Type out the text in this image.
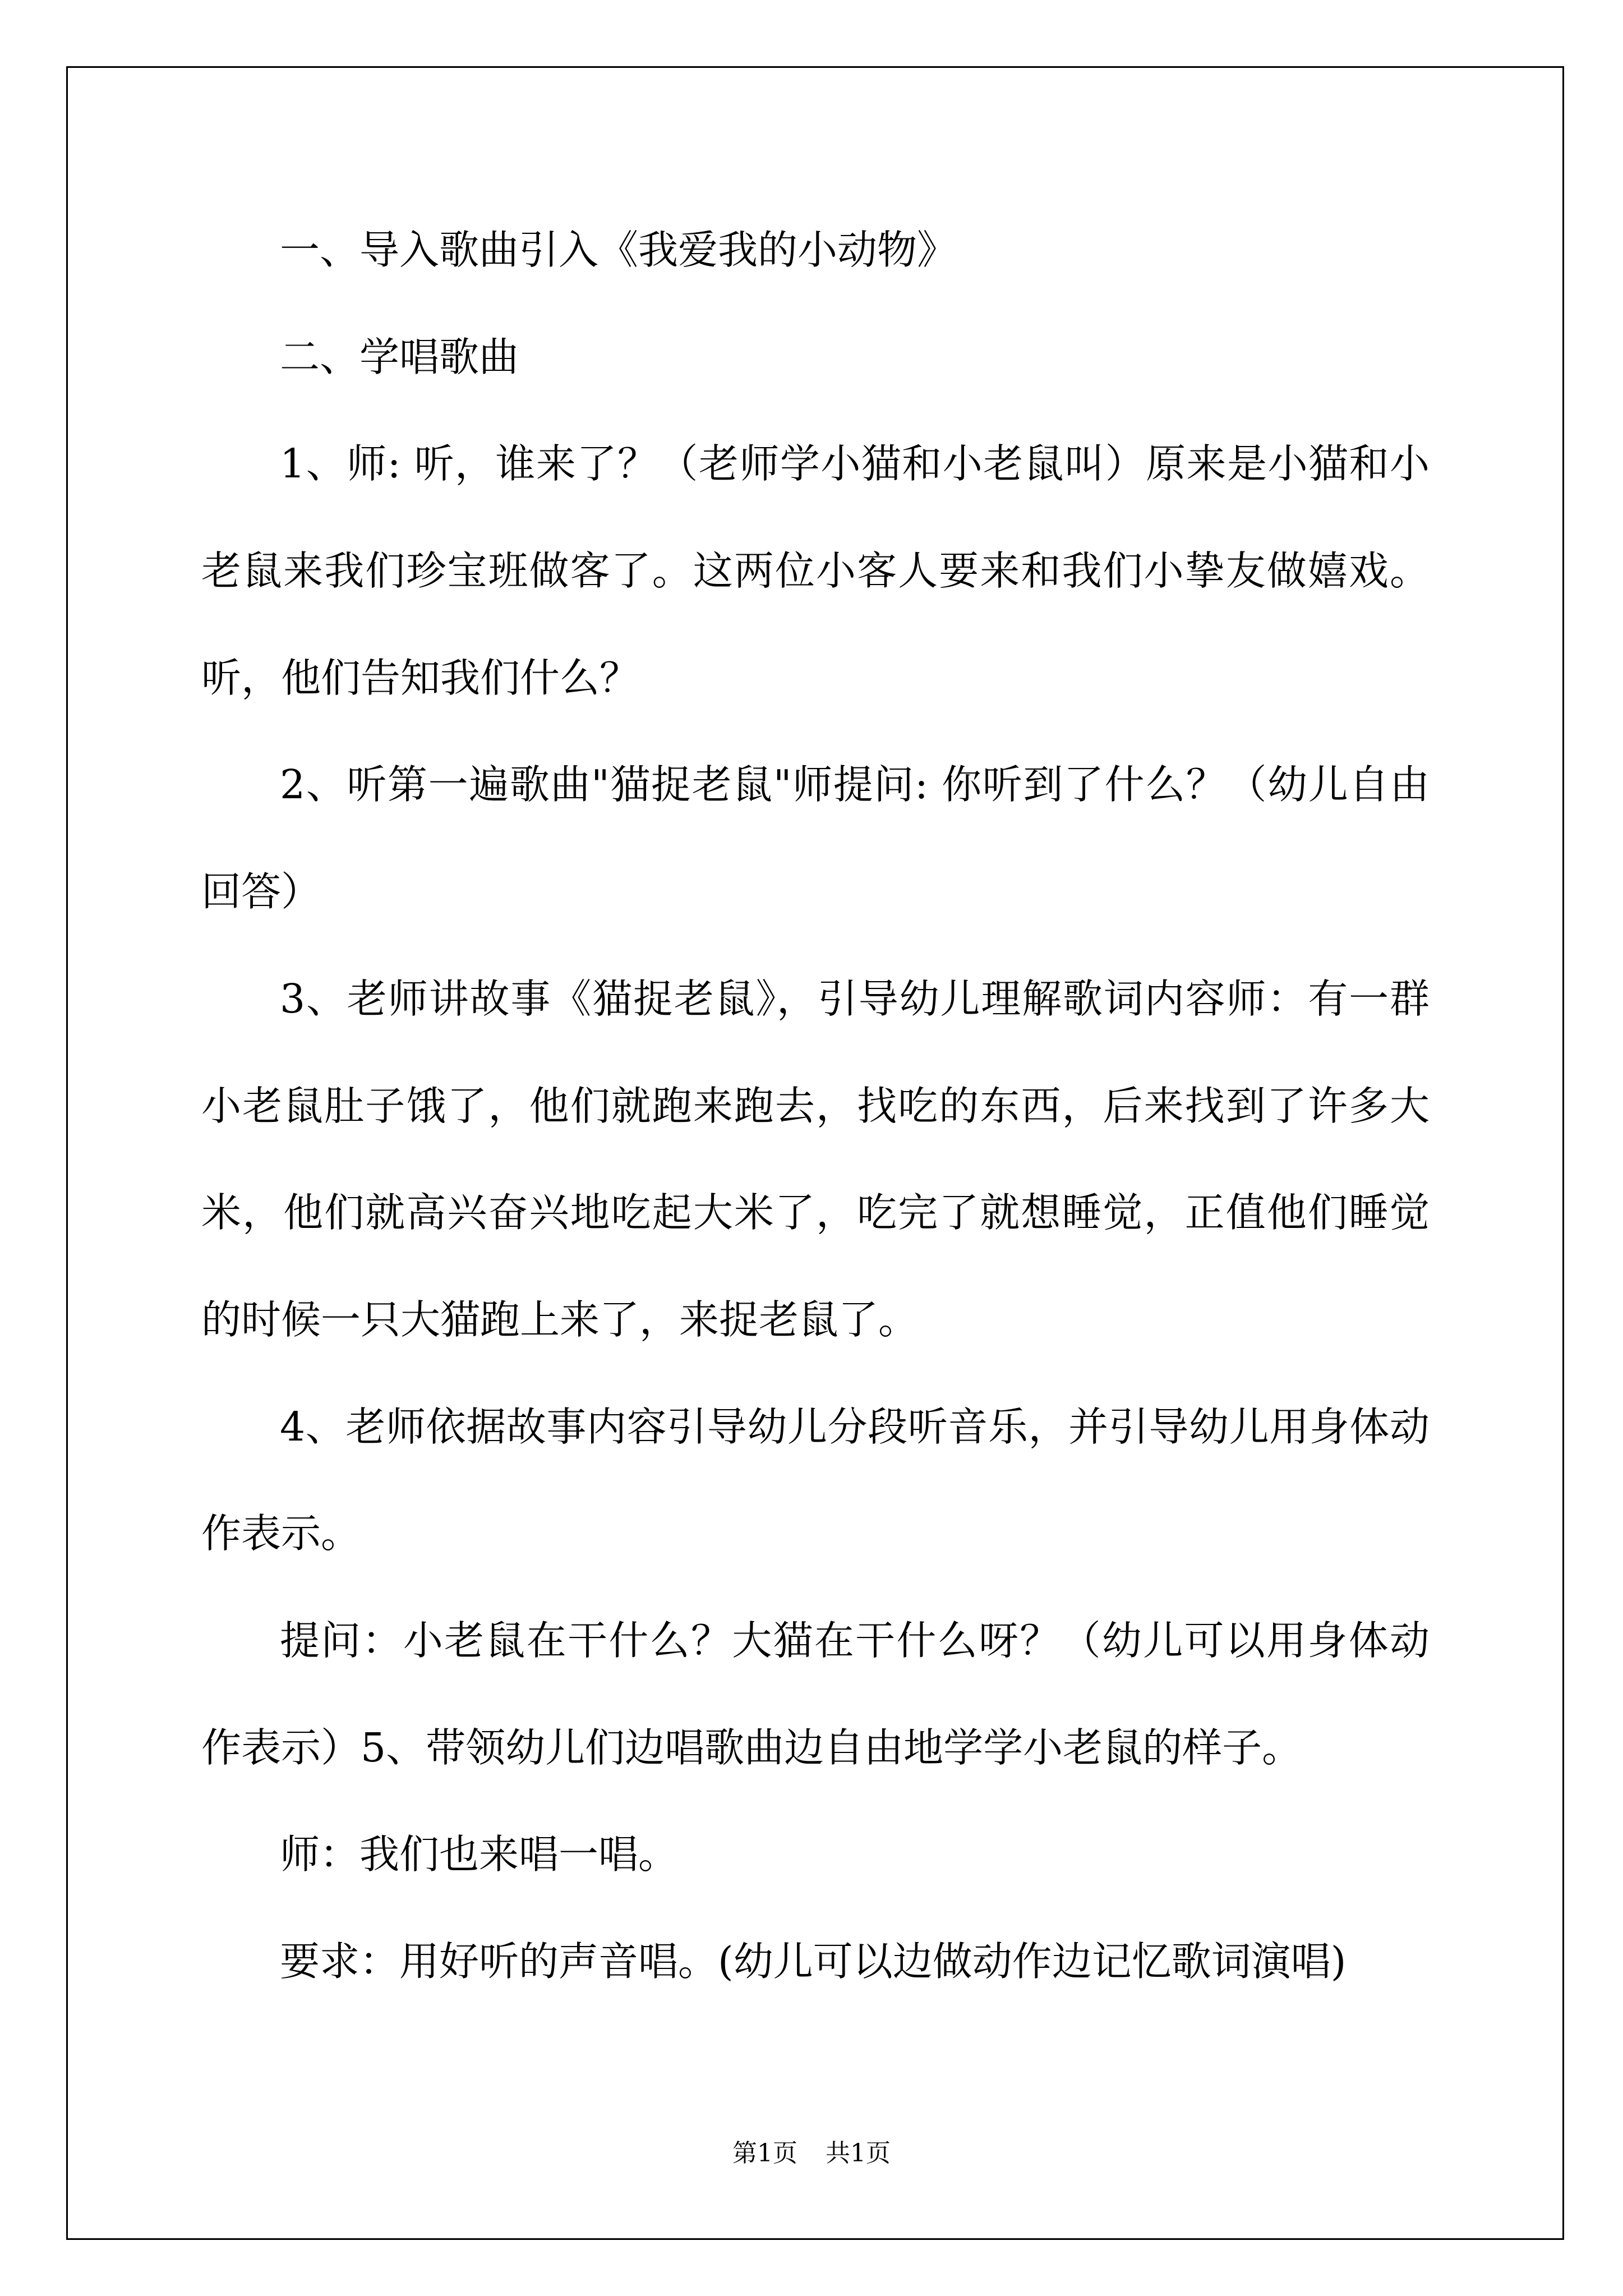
一、导入歌曲引入《我爱我的小动物》
二、学唱歌曲
1、师: 听，谁来了？（老师学小猫和小老鼠叫）原来是小猫和小
老鼠来我们珍宝班做客了。这两位小客人要来和我们小挚友做嬉戏。
听，他们告知我们什么？
2、听第一遍歌曲"猫捉老鼠"师提问: 你听到了什么？（幼儿自由
回答）
3、老师讲故事《猫捉老鼠》，引导幼儿理解歌词内容师：有一群
小老鼠肚子饿了，他们就跑来跑去，找吃的东西，后来找到了许多大
米，他们就高兴奋兴地吃起大米了，吃完了就想睡觉，正值他们睡觉
的时候一只大猫跑上来了，来捉老鼠了。
4、老师依据故事内容引导幼儿分段听音乐，并引导幼儿用身体动
作表示。
提问：小老鼠在干什么？大猫在干什么呀？（幼儿可以用身体动
作表示）5、带领幼儿们边唱歌曲边自由地学学小老鼠的样子。
师：我们也来唱一唱。
要求：用好听的声音唱。(幼儿可以边做动作边记忆歌词演唱)
第1页 共1页
